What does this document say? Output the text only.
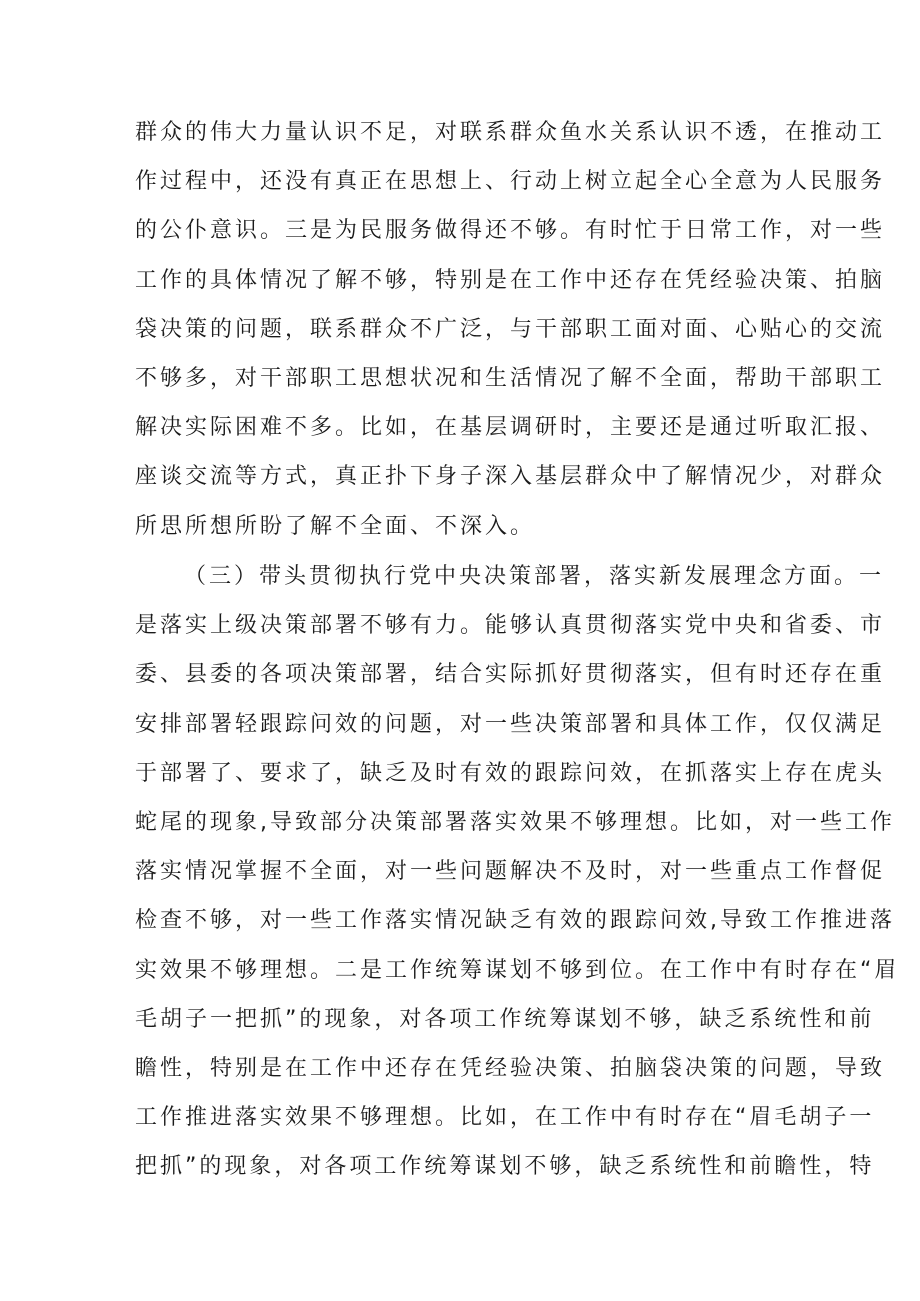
群众的伟大力量认识不足，对联系群众鱼水关系认识不透，在推动工
作过程中，还没有真正在思想上、行动上树立起全心全意为人民服务
的公仆意识。三是为民服务做得还不够。有时忙于日常工作，对一些
工作的具体情况了解不够，特别是在工作中还存在凭经验决策、拍脑
袋决策的问题，联系群众不广泛，与干部职工面对面、心贴心的交流
不够多，对干部职工思想状况和生活情况了解不全面，帮助干部职工
解决实际困难不多。比如，在基层调研时，主要还是通过听取汇报、
座谈交流等方式，真正扑下身子深入基层群众中了解情况少，对群众
所思所想所盼了解不全面、不深入。
（三）带头贯彻执行党中央决策部署，落实新发展理念方面。一
是落实上级决策部署不够有力。能够认真贯彻落实党中央和省委、市
委、县委的各项决策部署，结合实际抓好贯彻落实，但有时还存在重
安排部署轻跟踪问效的问题，对一些决策部署和具体工作，仅仅满足
于部署了、要求了，缺乏及时有效的跟踪问效，在抓落实上存在虎头
蛇尾的现象,导致部分决策部署落实效果不够理想。比如，对一些工作
落实情况掌握不全面，对一些问题解决不及时，对一些重点工作督促
检查不够，对一些工作落实情况缺乏有效的跟踪问效,导致工作推进落
实效果不够理想。二是工作统筹谋划不够到位。在工作中有时存在“眉
毛胡子一把抓”的现象，对各项工作统筹谋划不够，缺乏系统性和前
瞻性，特别是在工作中还存在凭经验决策、拍脑袋决策的问题，导致
工作推进落实效果不够理想。比如，在工作中有时存在“眉毛胡子一
把抓”的现象，对各项工作统筹谋划不够，缺乏系统性和前瞻性，特
